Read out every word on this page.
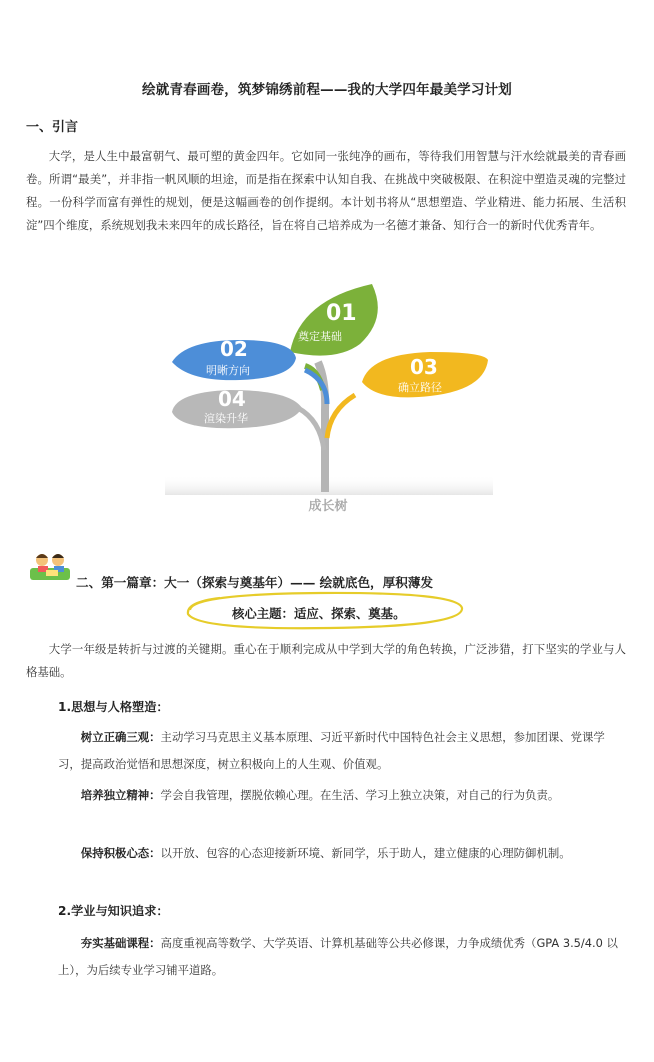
绘就青春画卷，筑梦锦绣前程——我的大学四年最美学习计划
一、引言
大学，是人生中最富朝气、最可塑的黄金四年。它如同一张纯净的画布，等待我们用智慧与汗水绘就最美的青春画卷。所谓“最美”，并非指一帆风顺的坦途，而是指在探索中认知自我、在挑战中突破极限、在积淀中塑造灵魂的完整过程。一份科学而富有弹性的规划，便是这幅画卷的创作提纲。本计划书将从“思想塑造、学业精进、能力拓展、生活积淀”四个维度，系统规划我未来四年的成长路径，旨在将自己培养成为一名德才兼备、知行合一的新时代优秀青年。
01
奠定基础
02
明晰方向	03
确立路径
04
渲染升华
成长树
二、第一篇章：大一（探索与奠基年）—— 绘就底色，厚积薄发
核心主题：适应、探索、奠基。
大学一年级是转折与过渡的关键期。重心在于顺利完成从中学到大学的角色转换，广泛涉猎，打下坚实的学业与人格基础。
1.思想与人格塑造：
树立正确三观：主动学习马克思主义基本原理、习近平新时代中国特色社会主义思想，参加团课、党课学习，提高政治觉悟和思想深度，树立积极向上的人生观、价值观。
培养独立精神：学会自我管理，摆脱依赖心理。在生活、学习上独立决策，对自己的行为负责。
保持积极心态：以开放、包容的心态迎接新环境、新同学，乐于助人，建立健康的心理防御机制。
2.学业与知识追求：
夯实基础课程：高度重视高等数学、大学英语、计算机基础等公共必修课，力争成绩优秀（GPA 3.5/4.0 以上），为后续专业学习铺平道路。
